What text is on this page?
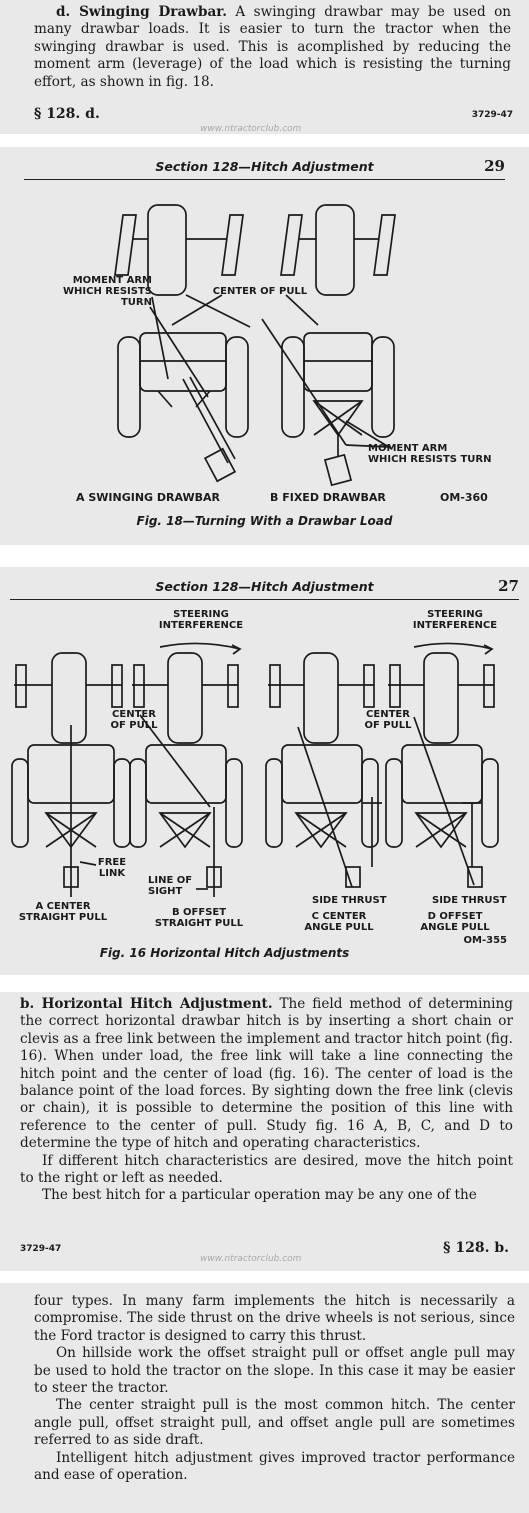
d. Swinging Drawbar. A swinging drawbar may be used on many drawbar loads. It is easier to turn the tractor when the swinging drawbar is used. This is acomplished by reducing the moment arm (leverage) of the load which is resisting the turning effort, as shown in fig. 18.

§ 128. d.	3729-47
www.ntractorclub.com
Section 128—Hitch Adjustment	29
MOMENT ARM
WHICH RESISTS TURN
CENTER OF PULL
MOMENT ARM
WHICH RESISTS TURN
A SWINGING DRAWBAR	B FIXED DRAWBAR	OM-360
Fig. 18—Turning With a Drawbar Load
Section 128—Hitch Adjustment	27
STEERING
INTERFERENCE
STEERING
INTERFERENCE
CENTER
OF PULL
CENTER
OF PULL
FREE
LINK
LINE OF
SIGHT
SIDE THRUST	SIDE THRUST
A CENTER
STRAIGHT PULL	B OFFSET
STRAIGHT PULL
C CENTER
ANGLE PULL
D OFFSET
ANGLE PULL
OM-355
Fig. 16 Horizontal Hitch Adjustments

b. Horizontal Hitch Adjustment. The field method of determining the correct horizontal drawbar hitch is by inserting a short chain or clevis as a free link between the implement and tractor hitch point (fig. 16). When under load, the free link will take a line connecting the hitch point and the center of load (fig. 16). The center of load is the balance point of the load forces. By sighting down the free link (clevis or chain), it is possible to determine the position of this line with reference to the center of pull. Study fig. 16 A, B, C, and D to determine the type of hitch and operating characteristics.

If different hitch characteristics are desired, move the hitch point to the right or left as needed.

The best hitch for a particular operation may be any one of the

3729-47	§ 128. b.
www.ntractorclub.com

four types. In many farm implements the hitch is necessarily a compromise. The side thrust on the drive wheels is not serious, since the Ford tractor is designed to carry this thrust.

On hillside work the offset straight pull or offset angle pull may be used to hold the tractor on the slope. In this case it may be easier to steer the tractor.

The center straight pull is the most common hitch. The center angle pull, offset straight pull, and offset angle pull are sometimes referred to as side draft.

Intelligent hitch adjustment gives improved tractor performance and ease of operation.
